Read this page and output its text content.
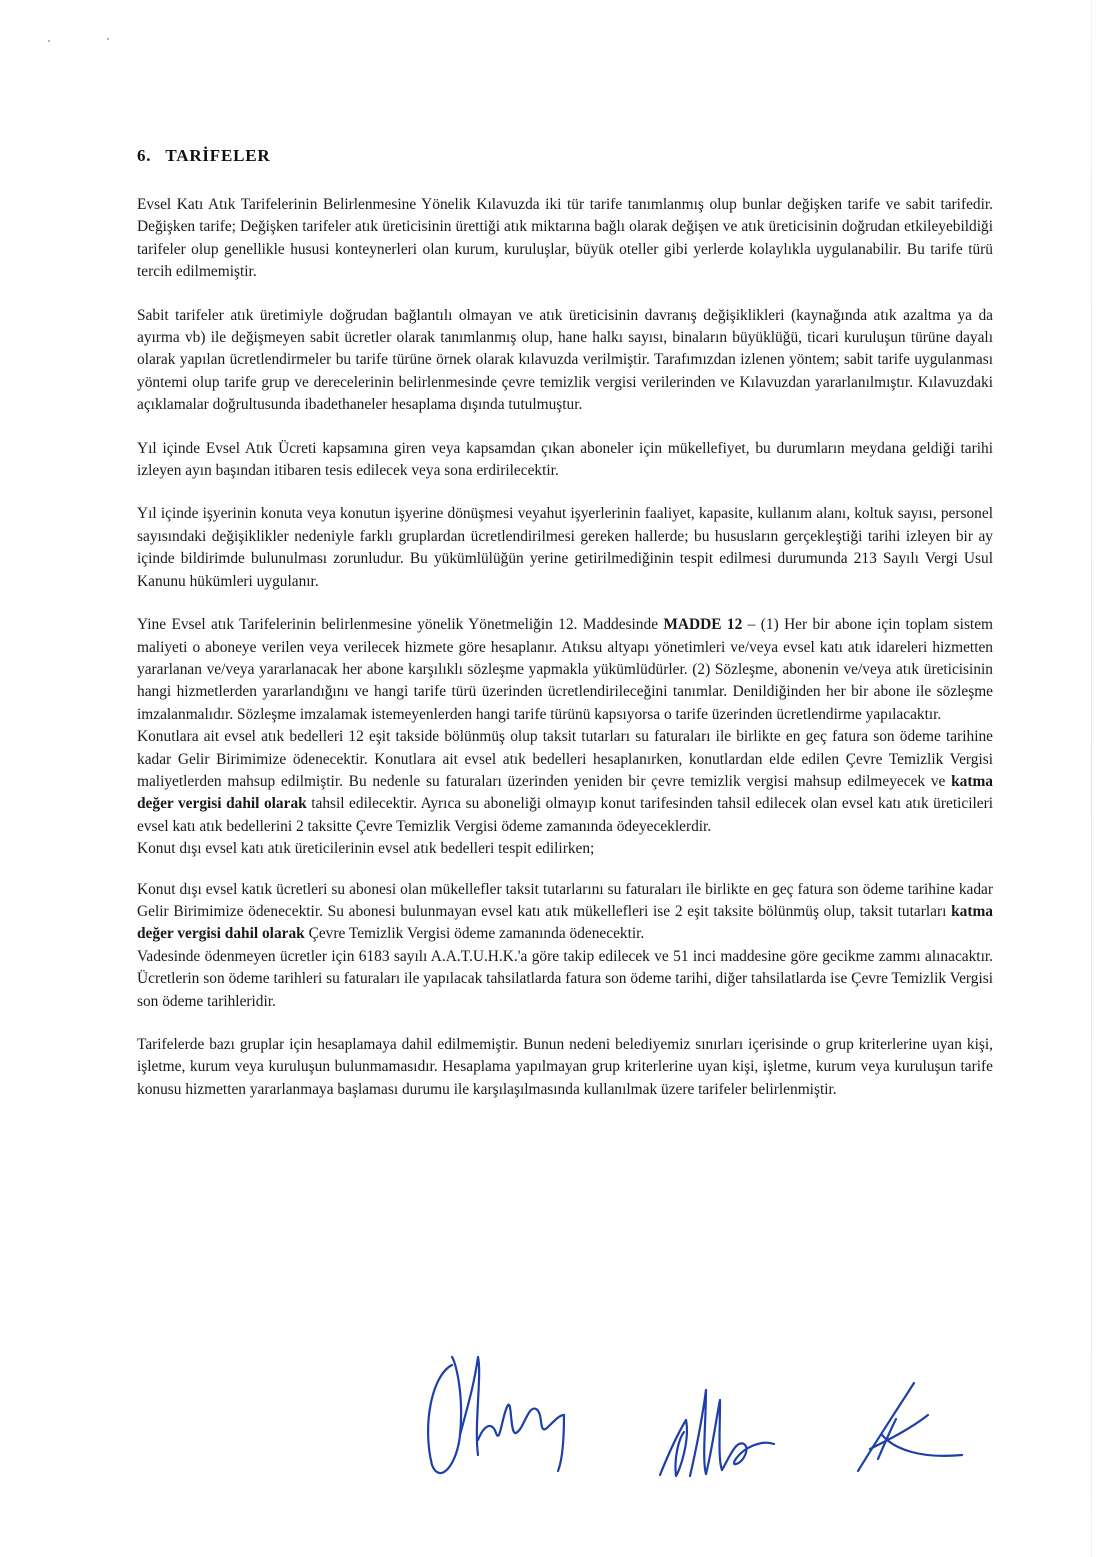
6. TARİFELER

Evsel Katı Atık Tarifelerinin Belirlenmesine Yönelik Kılavuzda iki tür tarife tanımlanmış olup bunlar değişken tarife ve sabit tarifedir. Değişken tarife; Değişken tarifeler atık üreticisinin ürettiği atık miktarına bağlı olarak değişen ve atık üreticisinin doğrudan etkileyebildiği tarifeler olup genellikle hususi konteynerleri olan kurum, kuruluşlar, büyük oteller gibi yerlerde kolaylıkla uygulanabilir. Bu tarife türü tercih edilmemiştir.

Sabit tarifeler atık üretimiyle doğrudan bağlantılı olmayan ve atık üreticisinin davranış değişiklikleri (kaynağında atık azaltma ya da ayırma vb) ile değişmeyen sabit ücretler olarak tanımlanmış olup, hane halkı sayısı, binaların büyüklüğü, ticari kuruluşun türüne dayalı olarak yapılan ücretlendirmeler bu tarife türüne örnek olarak kılavuzda verilmiştir. Tarafımızdan izlenen yöntem; sabit tarife uygulanması yöntemi olup tarife grup ve derecelerinin belirlenmesinde çevre temizlik vergisi verilerinden ve Kılavuzdan yararlanılmıştır. Kılavuzdaki açıklamalar doğrultusunda ibadethaneler hesaplama dışında tutulmuştur.

Yıl içinde Evsel Atık Ücreti kapsamına giren veya kapsamdan çıkan aboneler için mükellefiyet, bu durumların meydana geldiği tarihi izleyen ayın başından itibaren tesis edilecek veya sona erdirilecektir.

Yıl içinde işyerinin konuta veya konutun işyerine dönüşmesi veyahut işyerlerinin faaliyet, kapasite, kullanım alanı, koltuk sayısı, personel sayısındaki değişiklikler nedeniyle farklı gruplardan ücretlendirilmesi gereken hallerde; bu hususların gerçekleştiği tarihi izleyen bir ay içinde bildirimde bulunulması zorunludur. Bu yükümlülüğün yerine getirilmediğinin tespit edilmesi durumunda 213 Sayılı Vergi Usul Kanunu hükümleri uygulanır.

Yine Evsel atık Tarifelerinin belirlenmesine yönelik Yönetmeliğin 12. Maddesinde MADDE 12 – (1) Her bir abone için toplam sistem maliyeti o aboneye verilen veya verilecek hizmete göre hesaplanır. Atıksu altyapı yönetimleri ve/veya evsel katı atık idareleri hizmetten yararlanan ve/veya yararlanacak her abone karşılıklı sözleşme yapmakla yükümlüdürler. (2) Sözleşme, abonenin ve/veya atık üreticisinin hangi hizmetlerden yararlandığını ve hangi tarife türü üzerinden ücretlendirileceğini tanımlar. Denildiğinden her bir abone ile sözleşme imzalanmalıdır. Sözleşme imzalamak istemeyenlerden hangi tarife türünü kapsıyorsa o tarife üzerinden ücretlendirme yapılacaktır.

Konutlara ait evsel atık bedelleri 12 eşit takside bölünmüş olup taksit tutarları su faturaları ile birlikte en geç fatura son ödeme tarihine kadar Gelir Birimimize ödenecektir. Konutlara ait evsel atık bedelleri hesaplanırken, konutlardan elde edilen Çevre Temizlik Vergisi maliyetlerden mahsup edilmiştir. Bu nedenle su faturaları üzerinden yeniden bir çevre temizlik vergisi mahsup edilmeyecek ve katma değer vergisi dahil olarak tahsil edilecektir. Ayrıca su aboneliği olmayıp konut tarifesinden tahsil edilecek olan evsel katı atık üreticileri evsel katı atık bedellerini 2 taksitte Çevre Temizlik Vergisi ödeme zamanında ödeyeceklerdir.

Konut dışı evsel katı atık üreticilerinin evsel atık bedelleri tespit edilirken;

Konut dışı evsel katık ücretleri su abonesi olan mükellefler taksit tutarlarını su faturaları ile birlikte en geç fatura son ödeme tarihine kadar Gelir Birimimize ödenecektir. Su abonesi bulunmayan evsel katı atık mükellefleri ise 2 eşit taksite bölünmüş olup, taksit tutarları katma değer vergisi dahil olarak Çevre Temizlik Vergisi ödeme zamanında ödenecektir.

Vadesinde ödenmeyen ücretler için 6183 sayılı A.A.T.U.H.K.'a göre takip edilecek ve 51 inci maddesine göre gecikme zammı alınacaktır. Ücretlerin son ödeme tarihleri su faturaları ile yapılacak tahsilatlarda fatura son ödeme tarihi, diğer tahsilatlarda ise Çevre Temizlik Vergisi son ödeme tarihleridir.

Tarifelerde bazı gruplar için hesaplamaya dahil edilmemiştir. Bunun nedeni belediyemiz sınırları içerisinde o grup kriterlerine uyan kişi, işletme, kurum veya kuruluşun bulunmamasıdır. Hesaplama yapılmayan grup kriterlerine uyan kişi, işletme, kurum veya kuruluşun tarife konusu hizmetten yararlanmaya başlaması durumu ile karşılaşılmasında kullanılmak üzere tarifeler belirlenmiştir.
